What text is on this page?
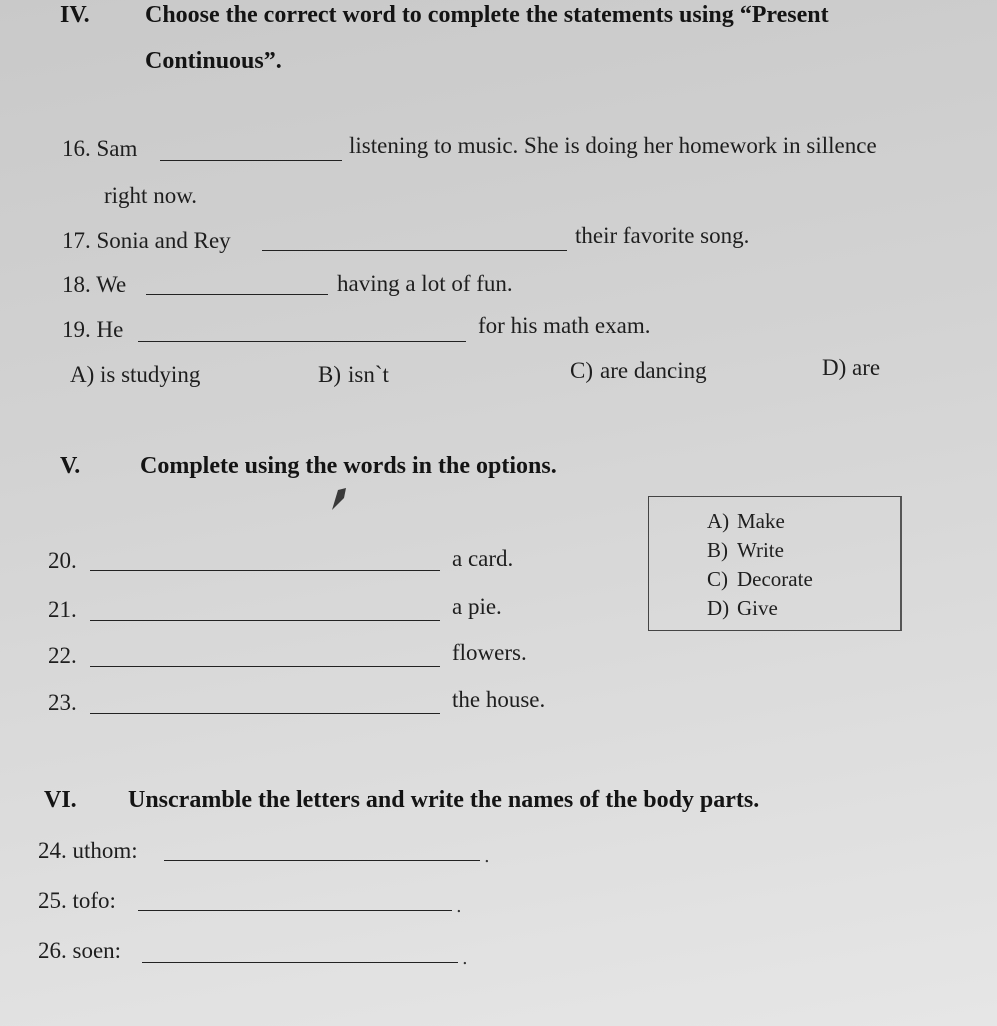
IV. Choose the correct word to complete the statements using “Present
Continuous”.
16. Sam	listening to music. She is doing her homework in sillence
right now.
17. Sonia and Rey	their favorite song.
18. We	having a lot of fun.
19. He	for his math exam.
A) is studying	B) isn`t	C) are dancing	D) are
V. Complete using the words in the options.
20.	a card.
21.	a pie.
22.	flowers.
23.	the house.
A) Make
B) Write
C) Decorate
D) Give
VI. Unscramble the letters and write the names of the body parts.
24. uthom:	.
25. tofo:	.
26. soen:	.
